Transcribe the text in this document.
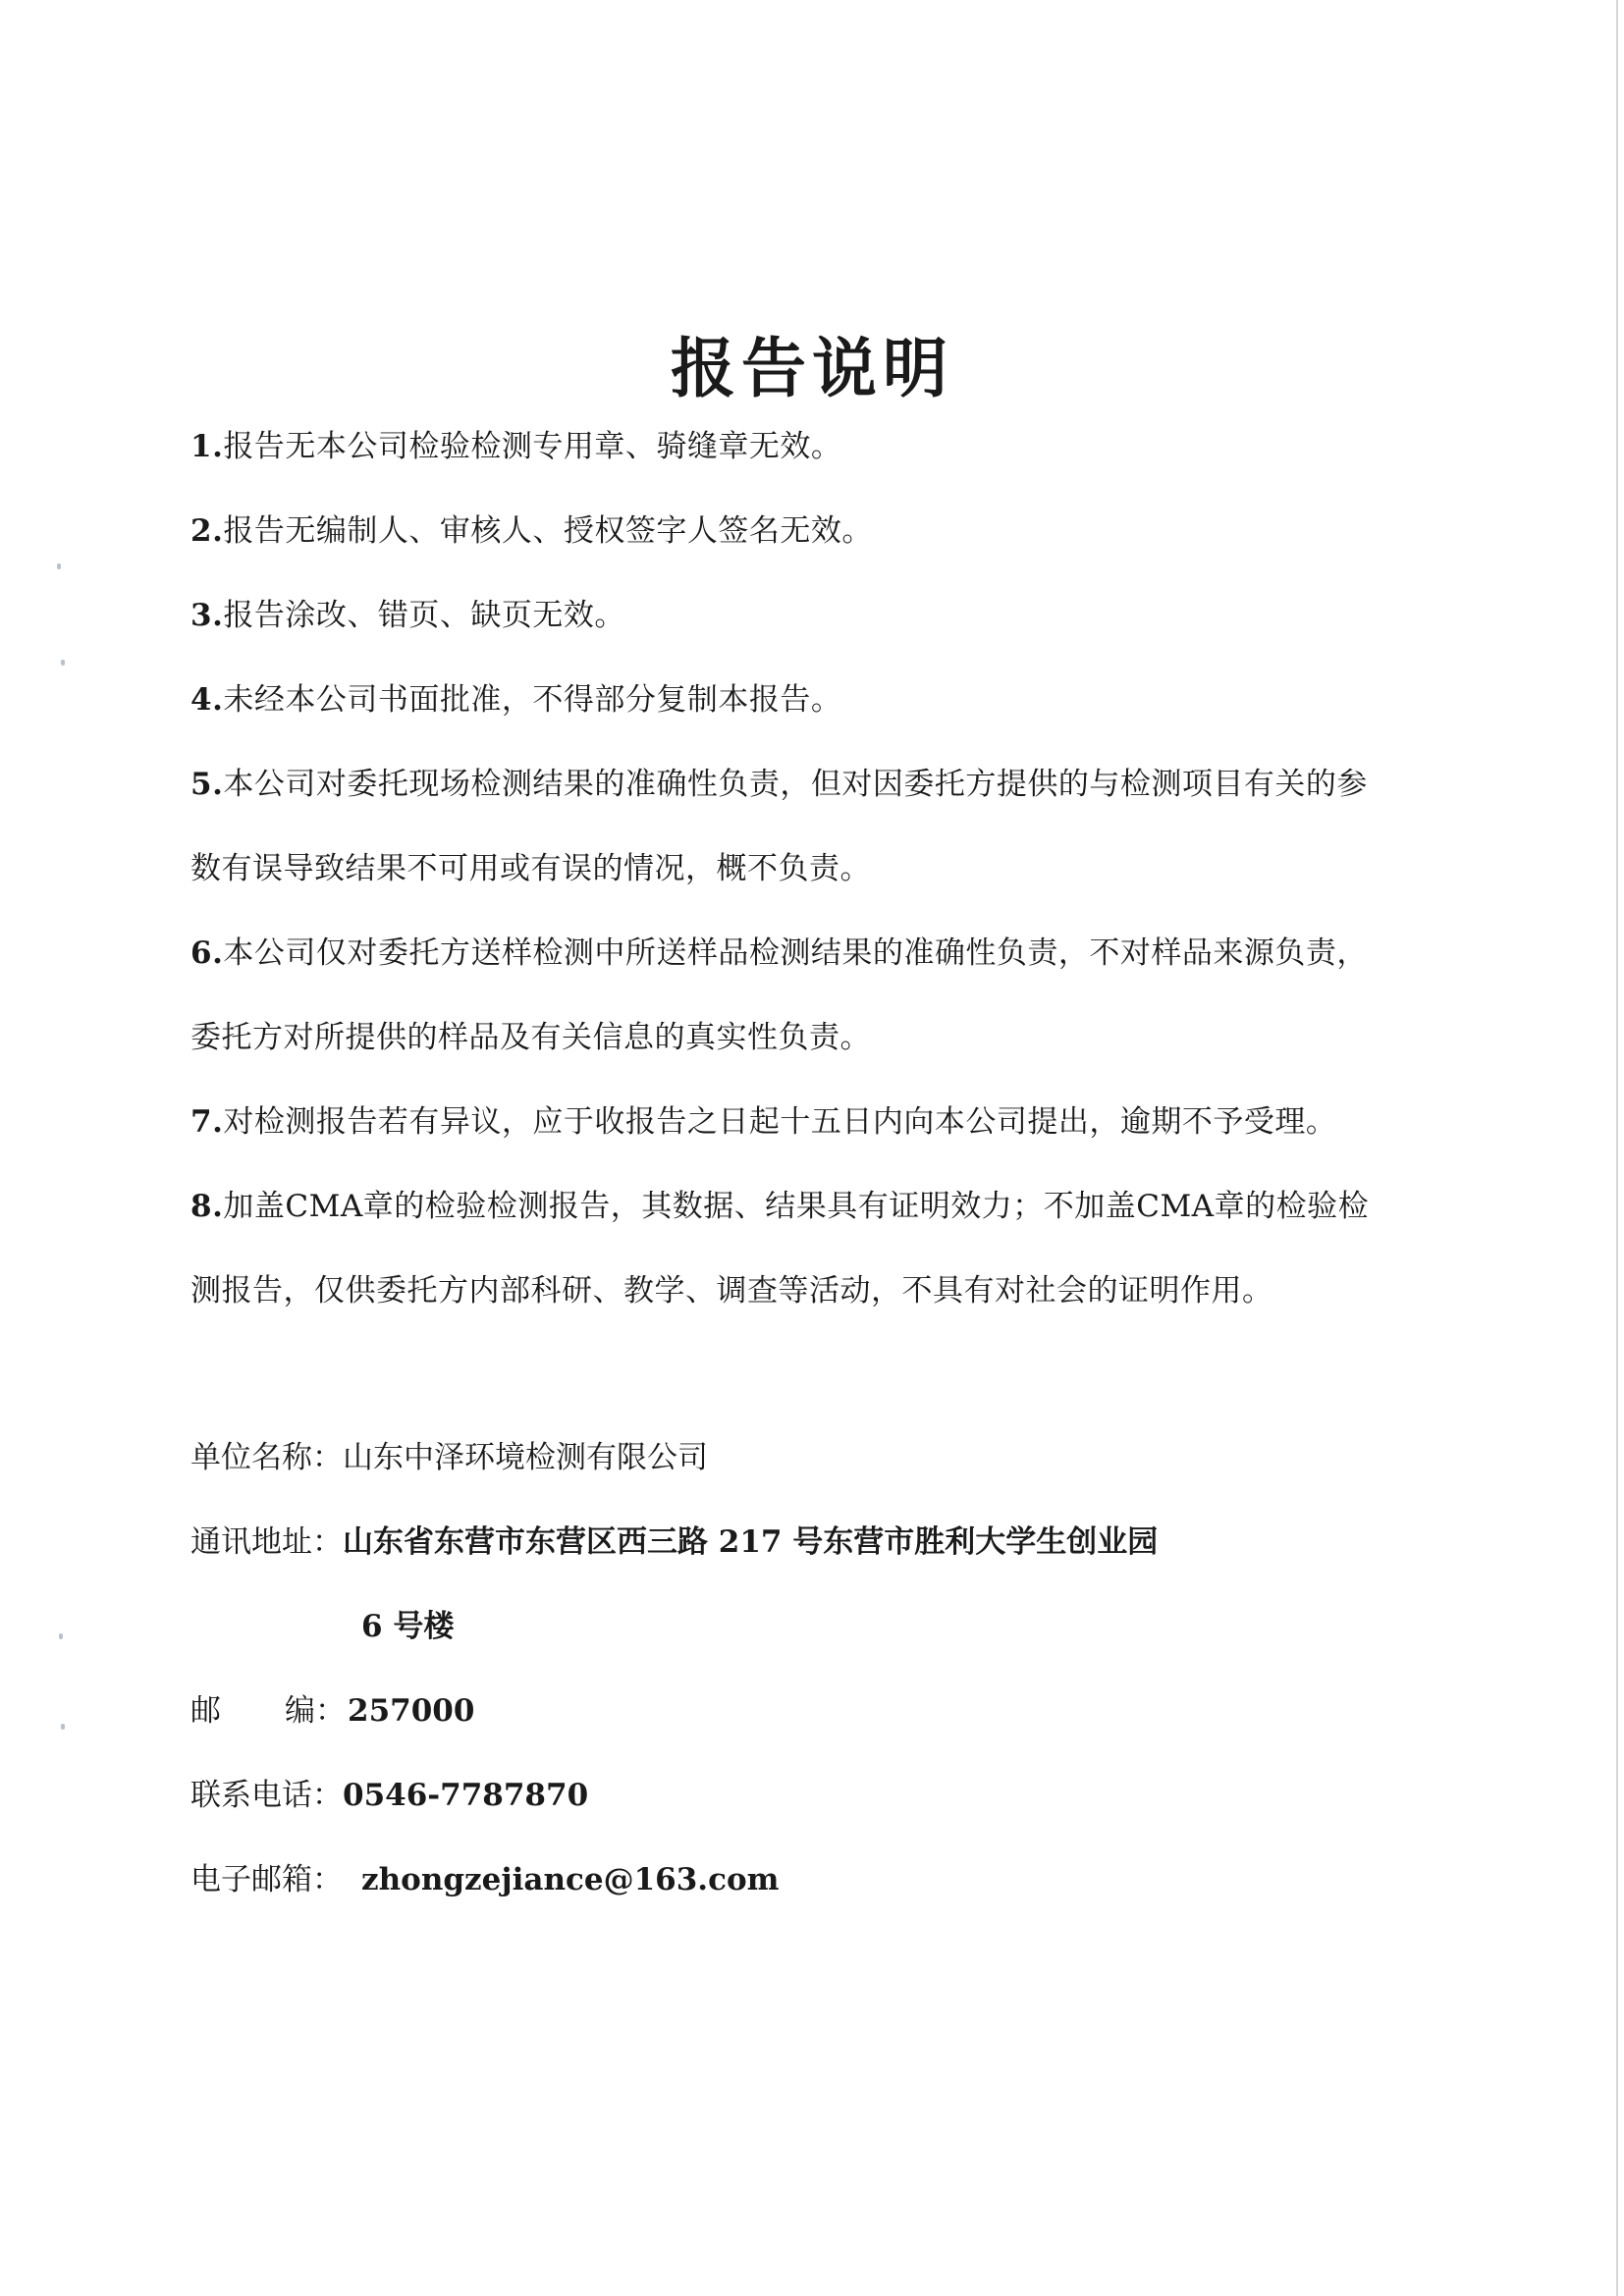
报告说明
1.报告无本公司检验检测专用章、骑缝章无效。
2.报告无编制人、审核人、授权签字人签名无效。
3.报告涂改、错页、缺页无效。
4.未经本公司书面批准，不得部分复制本报告。
5.本公司对委托现场检测结果的准确性负责，但对因委托方提供的与检测项目有关的参
数有误导致结果不可用或有误的情况，概不负责。
6.本公司仅对委托方送样检测中所送样品检测结果的准确性负责，不对样品来源负责，
委托方对所提供的样品及有关信息的真实性负责。
7.对检测报告若有异议，应于收报告之日起十五日内向本公司提出，逾期不予受理。
8.加盖CMA章的检验检测报告，其数据、结果具有证明效力；不加盖CMA章的检验检
测报告，仅供委托方内部科研、教学、调查等活动，不具有对社会的证明作用。
单位名称：山东中泽环境检测有限公司
通讯地址：山东省东营市东营区西三路 217 号东营市胜利大学生创业园
6 号楼
邮 编：257000
联系电话：0546-7787870
电子邮箱： zhongzejiance@163.com
